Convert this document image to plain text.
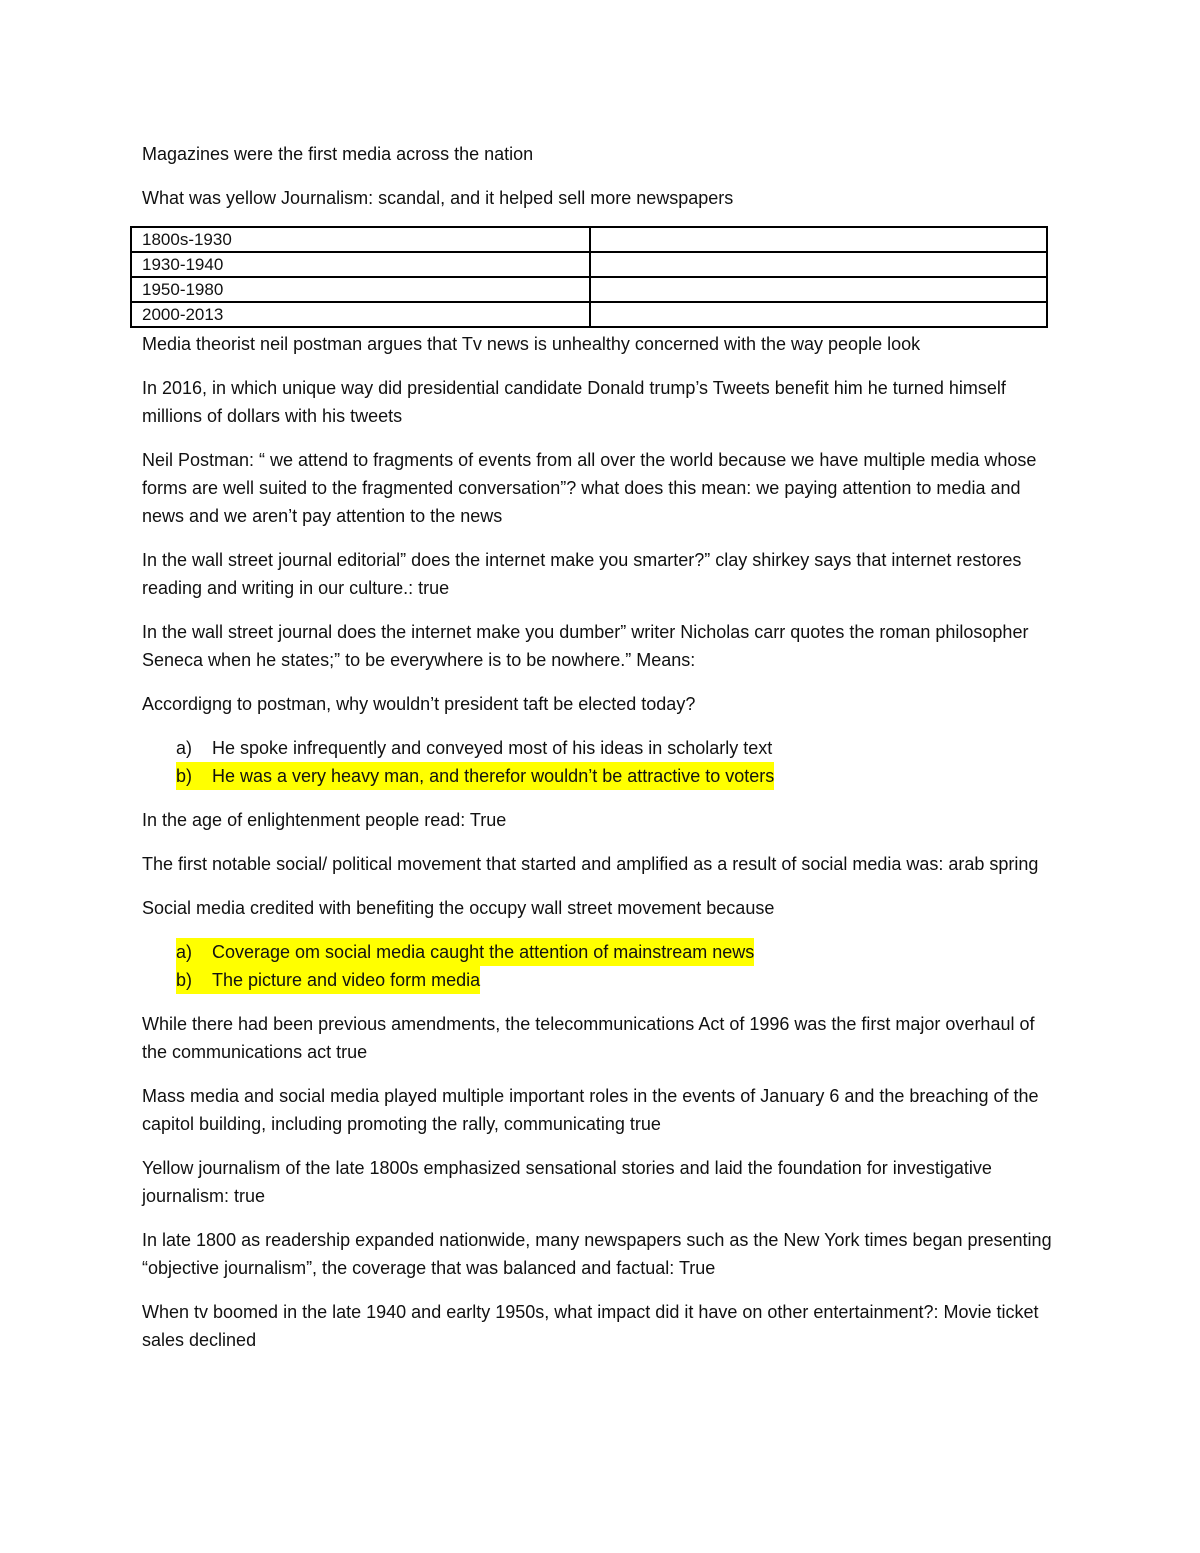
Magazines were the first media across the nation

What was yellow Journalism: scandal, and it helped sell more newspapers

1800s-1930	
1930-1940	
1950-1980	
2000-2013	

Media theorist neil postman argues that Tv news is unhealthy concerned with the way people look

In 2016, in which unique way did presidential candidate Donald trump’s Tweets benefit him he turned himself millions of dollars with his tweets

Neil Postman: “ we attend to fragments of events from all over the world because we have multiple media whose forms are well suited to the fragmented conversation”? what does this mean: we paying attention to media and news and we aren’t pay attention to the news

In the wall street journal editorial” does the internet make you smarter?” clay shirkey says that internet restores reading and writing in our culture.: true

In the wall street journal does the internet make you dumber” writer Nicholas carr quotes the roman philosopher Seneca when he states;” to be everywhere is to be nowhere.” Means:

Accordigng to postman, why wouldn’t president taft be elected today?

a)	He spoke infrequently and conveyed most of his ideas in scholarly text
b)	He was a very heavy man, and therefor wouldn’t be attractive to voters

In the age of enlightenment people read: True

The first notable social/ political movement that started and amplified as a result of social media was: arab spring

Social media credited with benefiting the occupy wall street movement because

a)	Coverage om social media caught the attention of mainstream news
b)	The picture and video form media

While there had been previous amendments, the telecommunications Act of 1996 was the first major overhaul of the communications act true

Mass media and social media played multiple important roles in the events of January 6 and the breaching of the capitol building, including promoting the rally, communicating true

Yellow journalism of the late 1800s emphasized sensational stories and laid the foundation for investigative journalism: true

In late 1800 as readership expanded nationwide, many newspapers such as the New York times began presenting “objective journalism”, the coverage that was balanced and factual: True

When tv boomed in the late 1940 and earlty 1950s, what impact did it have on other entertainment?: Movie ticket sales declined
